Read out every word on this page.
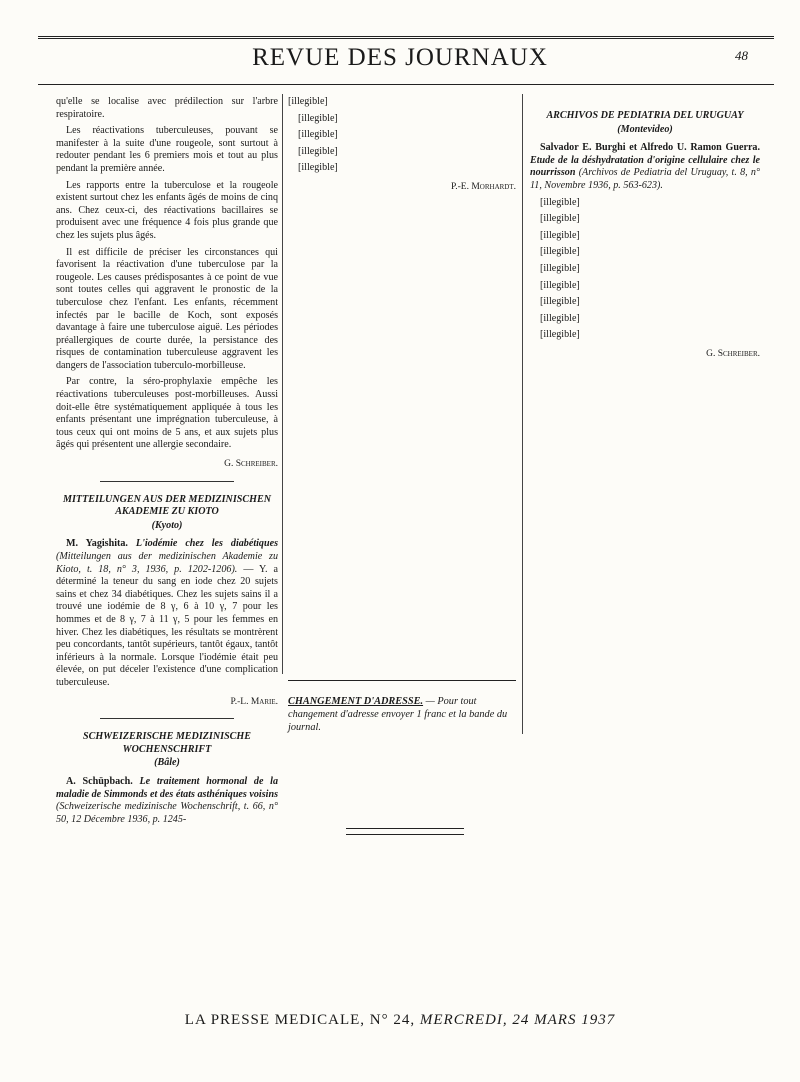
REVUE DES JOURNAUX	48

qu'elle se localise avec prédilection sur l'arbre respiratoire.

Les réactivations tuberculeuses, pouvant se manifester à la suite d'une rougeole, sont surtout à redouter pendant les 6 premiers mois et tout au plus pendant la première année.

Les rapports entre la tuberculose et la rougeole existent surtout chez les enfants âgés de moins de cinq ans. Chez ceux-ci, des réactivations bacillaires se produisent avec une fréquence 4 fois plus grande que chez les sujets plus âgés.

Il est difficile de préciser les circonstances qui favorisent la réactivation d'une tuberculose par la rougeole. Les causes prédisposantes à ce point de vue sont toutes celles qui aggravent le pronostic de la tuberculose chez l'enfant. Les enfants, récemment infectés par le bacille de Koch, sont exposés davantage à faire une tuberculose aiguë. Les périodes préallergiques de courte durée, la persistance des risques de contamination tuberculeuse aggravent les dangers de l'association tuberculo-morbilleuse.

Par contre, la séro-prophylaxie empêche les réactivations tuberculeuses post-morbilleuses. Aussi doit-elle être systématiquement appliquée à tous les enfants présentant une imprégnation tuberculeuse, à tous ceux qui ont moins de 5 ans, et aux sujets plus âgés qui présentent une allergie secondaire.

G. Schreiber.
MITTEILUNGEN AUS DER MEDIZINISCHEN AKADEMIE ZU KIOTO
(Kyoto)

M. Yagishita. L'iodémie chez les diabétiques (Mitteilungen aus der medizinischen Akademie zu Kioto, t. 18, n° 3, 1936, p. 1202-1206). — Y. a déterminé la teneur du sang en iode chez 20 sujets sains et chez 34 diabétiques. Chez les sujets sains il a trouvé une iodémie de 8 γ, 6 à 10 γ, 7 pour les hommes et de 8 γ, 7 à 11 γ, 5 pour les femmes en hiver. Chez les diabétiques, les résultats se montrèrent peu concordants, tantôt supérieurs, tantôt égaux, tantôt inférieurs à la normale. Lorsque l'iodémie était peu élevée, on put déceler l'existence d'une complication tuberculeuse.

P.-L. Marie.
SCHWEIZERISCHE MEDIZINISCHE WOCHENSCHRIFT
(Bâle)

A. Schüpbach. Le traitement hormonal de la maladie de Simmonds et des états asthéniques voisins (Schweizerische medizinische Wochenschrift, t. 66, n° 50, 12 Décembre 1936, p. 1245-

[illegible]

[illegible]

[illegible]

[illegible]

[illegible]

P.-E. Morhardt.
CHANGEMENT D'ADRESSE. — Pour tout changement d'adresse envoyer 1 franc et la bande du journal.
ARCHIVOS DE PEDIATRIA DEL URUGUAY
(Montevideo)

Salvador E. Burghi et Alfredo U. Ramon Guerra. Etude de la déshydratation d'origine cellulaire chez le nourrisson (Archivos de Pediatria del Uruguay, t. 8, n° 11, Novembre 1936, p. 563-623).

[illegible]

[illegible]

[illegible]

[illegible]

[illegible]

[illegible]

[illegible]

[illegible]

[illegible]

G. Schreiber.
LA PRESSE MEDICALE, N° 24, MERCREDI, 24 MARS 1937
